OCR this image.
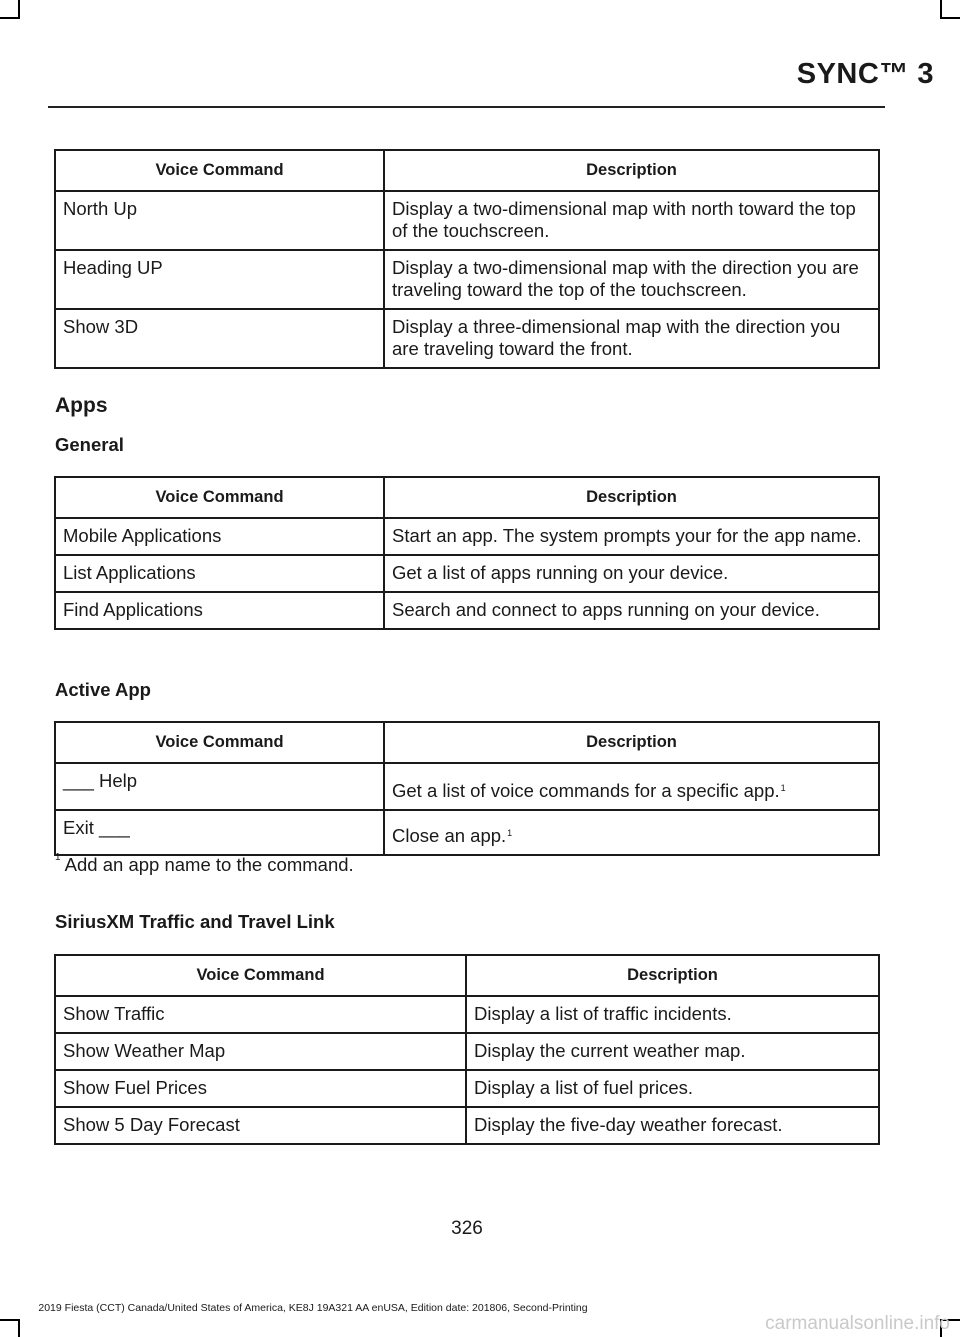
SYNC™ 3
Voice Command	Description
North Up	Display a two-dimensional map with north toward the top of the touchscreen.
Heading UP	Display a two-dimensional map with the direction you are traveling toward the top of the touchscreen.
Show 3D	Display a three-dimensional map with the direction you are traveling toward the front.
Apps
General
Voice Command	Description
Mobile Applications	Start an app. The system prompts your for the app name.
List Applications	Get a list of apps running on your device.
Find Applications	Search and connect to apps running on your device.
Active App
Voice Command	Description
___ Help	Get a list of voice commands for a specific app.$^1$
Exit ___	Close an app.$^1$
$^1$ Add an app name to the command.
SiriusXM Traffic and Travel Link
Voice Command	Description
Show Traffic	Display a list of traffic incidents.
Show Weather Map	Display the current weather map.
Show Fuel Prices	Display a list of fuel prices.
Show 5 Day Forecast	Display the five-day weather forecast.
326
2019 Fiesta (CCT) Canada/United States of America, KE8J 19A321 AA enUSA, Edition date: 201806, Second-Printing
carmanualsonline.info
